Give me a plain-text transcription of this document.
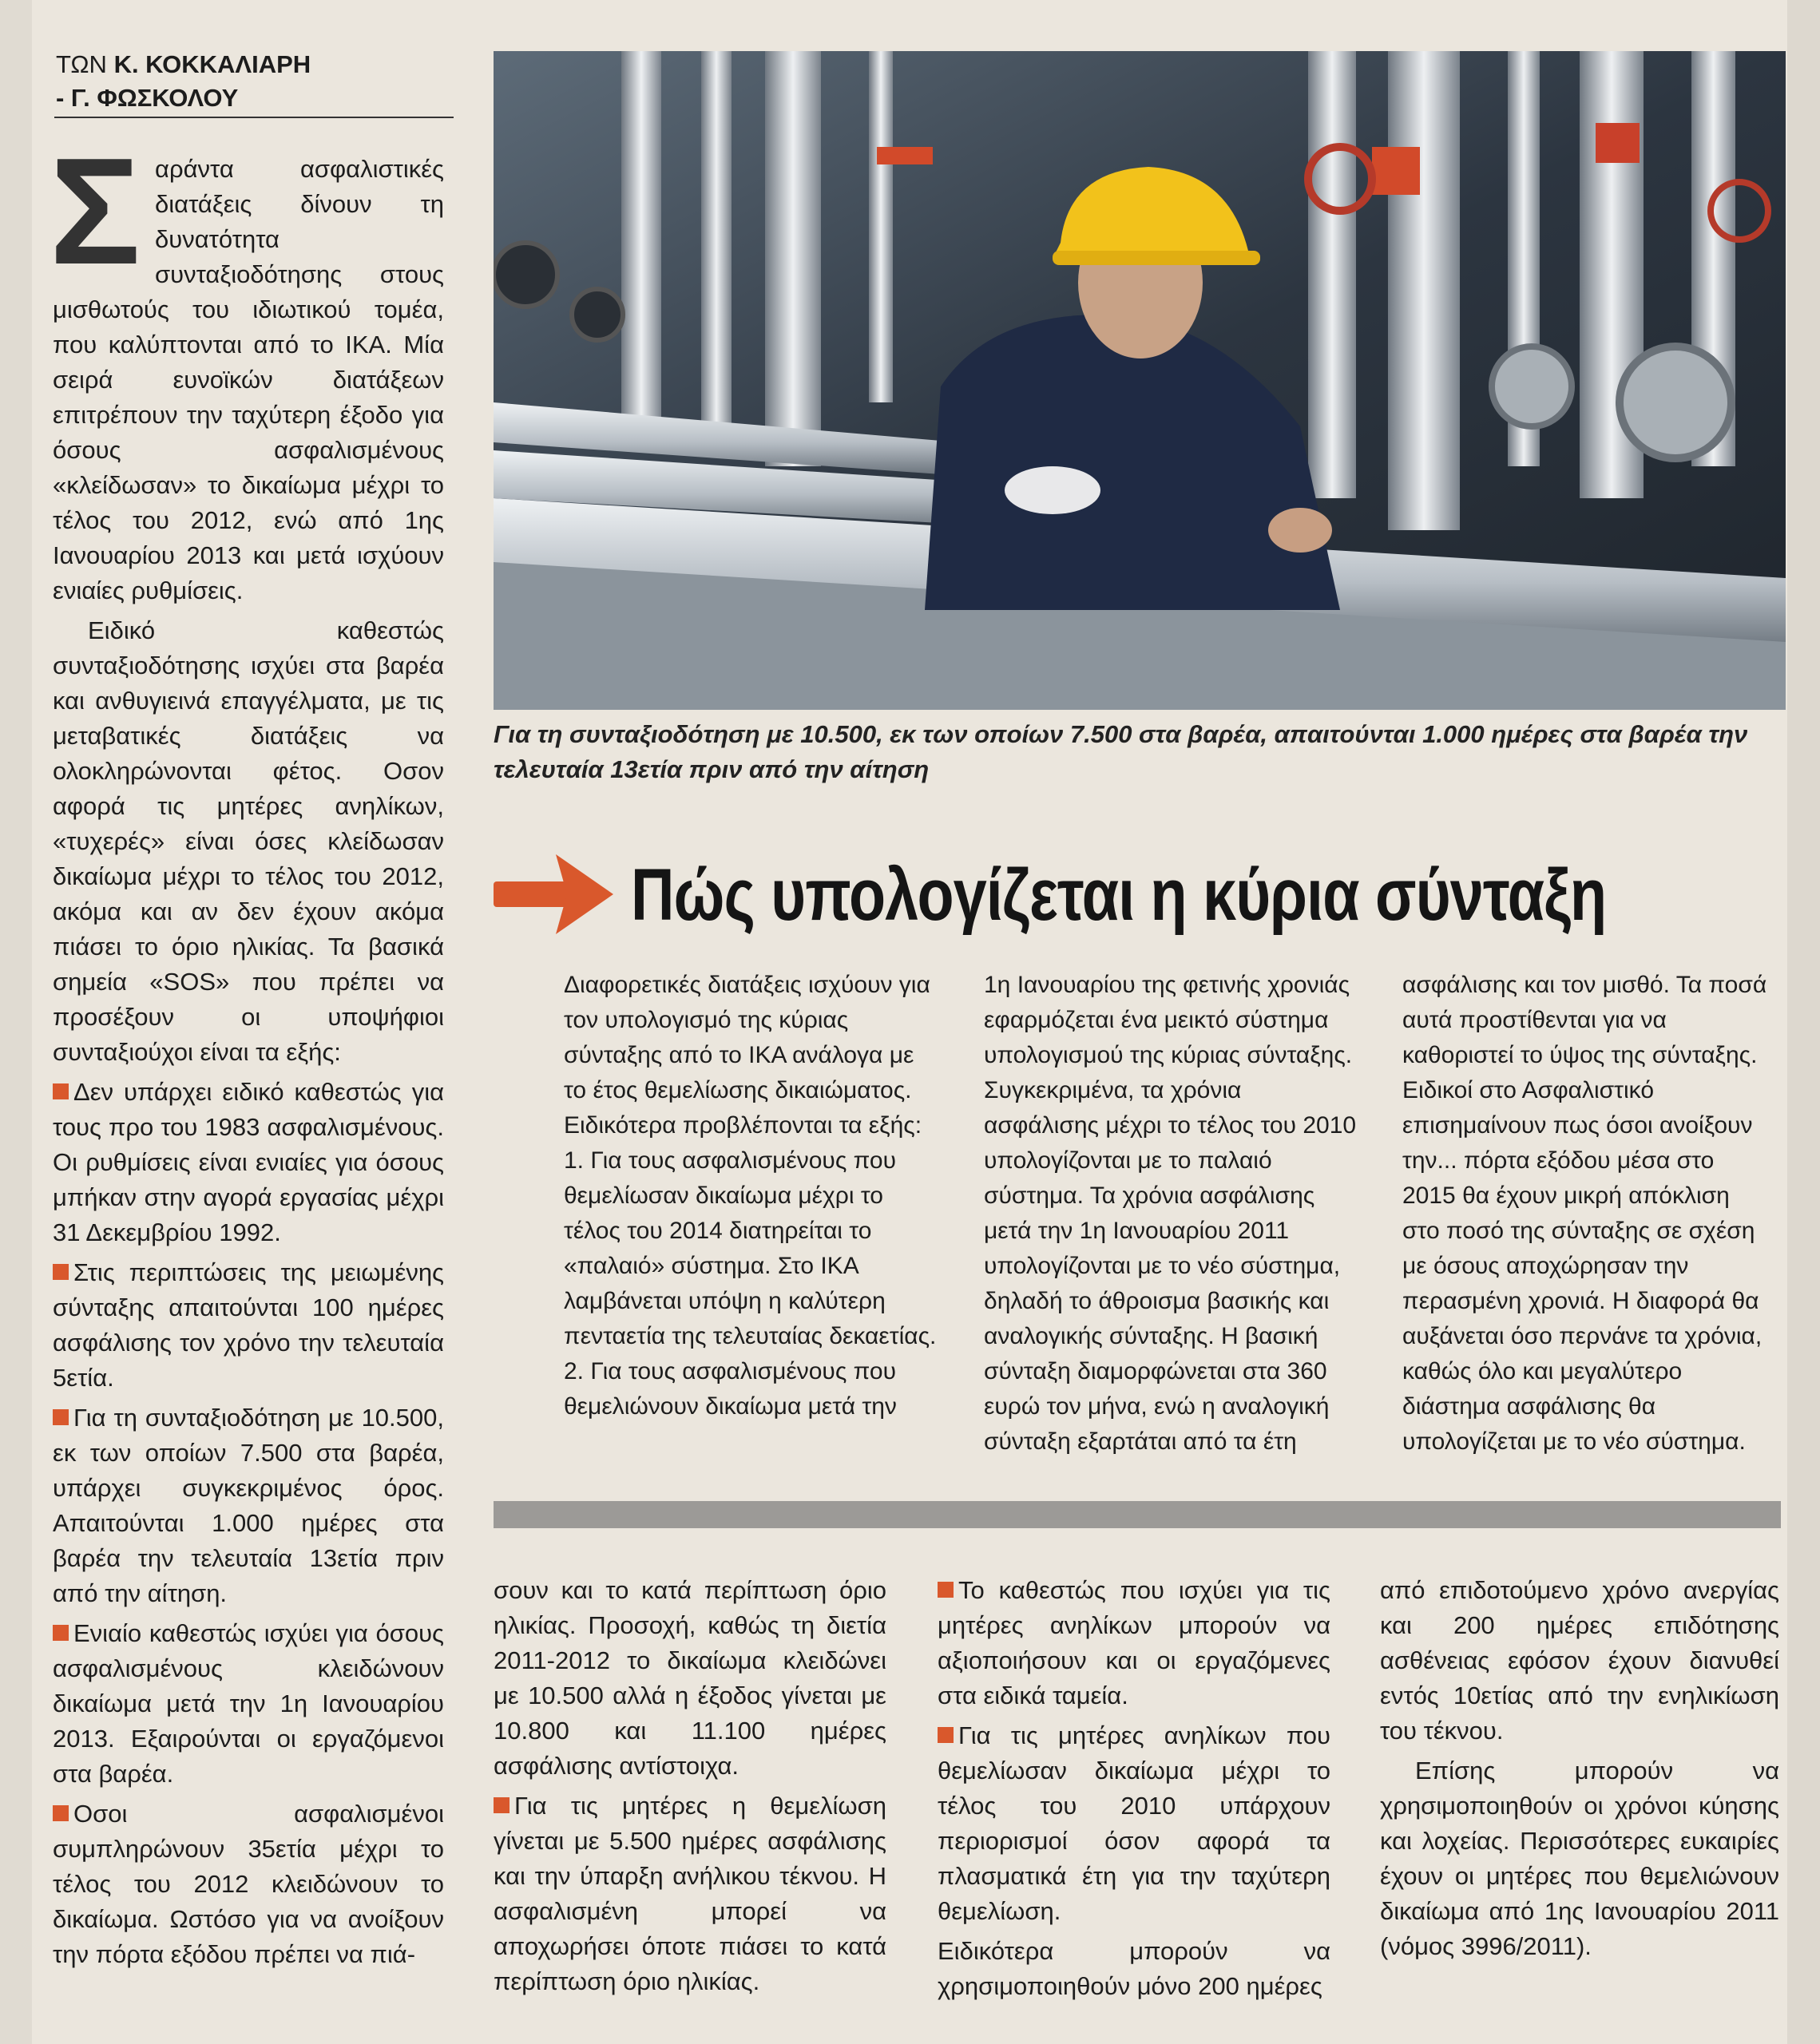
ΤΩΝ Κ. ΚΟΚΚΑΛΙΑΡΗ
- Γ. ΦΩΣΚΟΛΟΥ

Σαράντα ασφαλιστικές διατάξεις δίνουν τη δυνατότητα συνταξιοδότησης στους μισθωτούς του ιδιωτικού τομέα, που καλύπτονται από το ΙΚΑ. Μία σειρά ευνοϊκών διατάξεων επιτρέπουν την ταχύτερη έξοδο για όσους ασφαλισμένους «κλείδωσαν» το δικαίωμα μέχρι το τέλος του 2012, ενώ από 1ης Ιανουαρίου 2013 και μετά ισχύουν ενιαίες ρυθμίσεις.

Ειδικό καθεστώς συνταξιοδότησης ισχύει στα βαρέα και ανθυγιεινά επαγγέλματα, με τις μεταβατικές διατάξεις να ολοκληρώνονται φέτος. Οσον αφορά τις μητέρες ανηλίκων, «τυχερές» είναι όσες κλείδωσαν δικαίωμα μέχρι το τέλος του 2012, ακόμα και αν δεν έχουν ακόμα πιάσει το όριο ηλικίας. Τα βασικά σημεία «SOS» που πρέπει να προσέξουν οι υποψήφιοι συνταξιούχοι είναι τα εξής:

Δεν υπάρχει ειδικό καθεστώς για τους προ του 1983 ασφαλισμένους. Οι ρυθμίσεις είναι ενιαίες για όσους μπήκαν στην αγορά εργασίας μέχρι 31 Δεκεμβρίου 1992.

Στις περιπτώσεις της μειωμένης σύνταξης απαιτούνται 100 ημέρες ασφάλισης τον χρόνο την τελευταία 5ετία.

Για τη συνταξιοδότηση με 10.500, εκ των οποίων 7.500 στα βαρέα, υπάρχει συγκεκριμένος όρος. Απαιτούνται 1.000 ημέρες στα βαρέα την τελευταία 13ετία πριν από την αίτηση.

Ενιαίο καθεστώς ισχύει για όσους ασφαλισμένους κλειδώνουν δικαίωμα μετά την 1η Ιανουαρίου 2013. Εξαιρούνται οι εργαζόμενοι στα βαρέα.

Οσοι ασφαλισμένοι συμπληρώνουν 35ετία μέχρι το τέλος του 2012 κλειδώνουν το δικαίωμα. Ωστόσο για να ανοίξουν την πόρτα εξόδου πρέπει να πιά-

Για τη συνταξιοδότηση με 10.500, εκ των οποίων 7.500 στα βαρέα, απαιτούνται 1.000 ημέρες στα βαρέα την τελευταία 13ετία πριν από την αίτηση
Πώς υπολογίζεται η κύρια σύνταξη

Διαφορετικές διατάξεις ισχύουν για τον υπολογισμό της κύριας σύνταξης από το ΙΚΑ ανάλογα με το έτος θεμελίωσης δικαιώματος. Ειδικότερα προβλέπονται τα εξής:

1. Για τους ασφαλισμένους που θεμελίωσαν δικαίωμα μέχρι το τέλος του 2014 διατηρείται το «παλαιό» σύστημα. Στο ΙΚΑ λαμβάνεται υπόψη η καλύτερη πενταετία της τελευταίας δεκαετίας.

2. Για τους ασφαλισμένους που θεμελιώνουν δικαίωμα μετά την

1η Ιανουαρίου της φετινής χρονιάς εφαρμόζεται ένα μεικτό σύστημα υπολογισμού της κύριας σύνταξης. Συγκεκριμένα, τα χρόνια ασφάλισης μέχρι το τέλος του 2010 υπολογίζονται με το παλαιό σύστημα. Τα χρόνια ασφάλισης μετά την 1η Ιανουαρίου 2011 υπολογίζονται με το νέο σύστημα, δηλαδή το άθροισμα βασικής και αναλογικής σύνταξης. Η βασική σύνταξη διαμορφώνεται στα 360 ευρώ τον μήνα, ενώ η αναλογική σύνταξη εξαρτάται από τα έτη

ασφάλισης και τον μισθό. Τα ποσά αυτά προστίθενται για να καθοριστεί το ύψος της σύνταξης. Ειδικοί στο Ασφαλιστικό επισημαίνουν πως όσοι ανοίξουν την... πόρτα εξόδου μέσα στο 2015 θα έχουν μικρή απόκλιση στο ποσό της σύνταξης σε σχέση με όσους αποχώρησαν την περασμένη χρονιά. Η διαφορά θα αυξάνεται όσο περνάνε τα χρόνια, καθώς όλο και μεγαλύτερο διάστημα ασφάλισης θα υπολογίζεται με το νέο σύστημα.

σουν και το κατά περίπτωση όριο ηλικίας. Προσοχή, καθώς τη διετία 2011-2012 το δικαίωμα κλειδώνει με 10.500 αλλά η έξοδος γίνεται με 10.800 και 11.100 ημέρες ασφάλισης αντίστοιχα.

Για τις μητέρες η θεμελίωση γίνεται με 5.500 ημέρες ασφάλισης και την ύπαρξη ανήλικου τέκνου. Η ασφαλισμένη μπορεί να αποχωρήσει όποτε πιάσει το κατά περίπτωση όριο ηλικίας.

Το καθεστώς που ισχύει για τις μητέρες ανηλίκων μπορούν να αξιοποιήσουν και οι εργαζόμενες στα ειδικά ταμεία.

Για τις μητέρες ανηλίκων που θεμελίωσαν δικαίωμα μέχρι το τέλος του 2010 υπάρχουν περιορισμοί όσον αφορά τα πλασματικά έτη για την ταχύτερη θεμελίωση.

Ειδικότερα μπορούν να χρησιμοποιηθούν μόνο 200 ημέρες

από επιδοτούμενο χρόνο ανεργίας και 200 ημέρες επιδότησης ασθένειας εφόσον έχουν διανυθεί εντός 10ετίας από την ενηλικίωση του τέκνου.

Επίσης μπορούν να χρησιμοποιηθούν οι χρόνοι κύησης και λοχείας. Περισσότερες ευκαιρίες έχουν οι μητέρες που θεμελιώνουν δικαίωμα από 1ης Ιανουαρίου 2011 (νόμος 3996/2011).
